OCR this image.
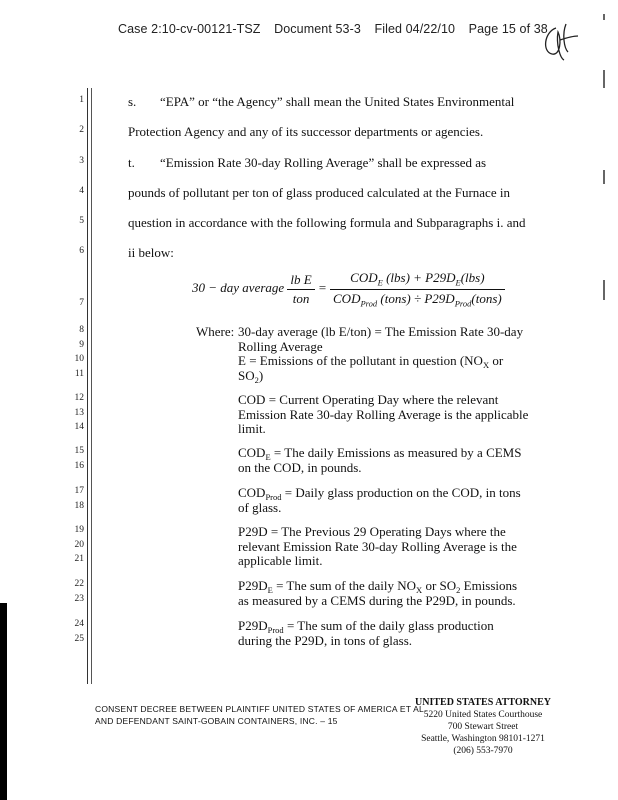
Case 2:10-cv-00121-TSZ Document 53-3 Filed 04/22/10 Page 15 of 38
1
2
3
4
5
6
7
8
9
10
11
12
13
14
15
16
17
18
19
20
21
22
23
24
25
s. “EPA” or “the Agency” shall mean the United States Environmental
Protection Agency and any of its successor departments or agencies.
t. “Emission Rate 30-day Rolling Average” shall be expressed as
pounds of pollutant per ton of glass produced calculated at the Furnace in
question in accordance with the following formula and Subparagraphs i. and
ii below:
30 − day average $\frac{\text{lb E}}{\text{ton}} = \frac{COD_E (lbs) + P29D_E(lbs)}{COD_{Prod} (tons) \div P29D_{Prod}(tons)}$
Where: 30-day average (lb E/ton) = The Emission Rate 30-day
Rolling Average
E = Emissions of the pollutant in question ($NO_X$ or
$SO_2$)
COD = Current Operating Day where the relevant
Emission Rate 30-day Rolling Average is the applicable
limit.
$COD_E$ = The daily Emissions as measured by a CEMS
on the COD, in pounds.
$COD_{Prod}$ = Daily glass production on the COD, in tons
of glass.
P29D = The Previous 29 Operating Days where the
relevant Emission Rate 30-day Rolling Average is the
applicable limit.
$P29D_E$ = The sum of the daily $NO_X$ or $SO_2$ Emissions
as measured by a CEMS during the P29D, in pounds.
$P29D_{Prod}$ = The sum of the daily glass production
during the P29D, in tons of glass.
CONSENT DECREE BETWEEN PLAINTIFF UNITED STATES OF AMERICA ET AL.
AND DEFENDANT SAINT-GOBAIN CONTAINERS, INC. – 15
UNITED STATES ATTORNEY
5220 United States Courthouse
700 Stewart Street
Seattle, Washington 98101-1271
(206) 553-7970
